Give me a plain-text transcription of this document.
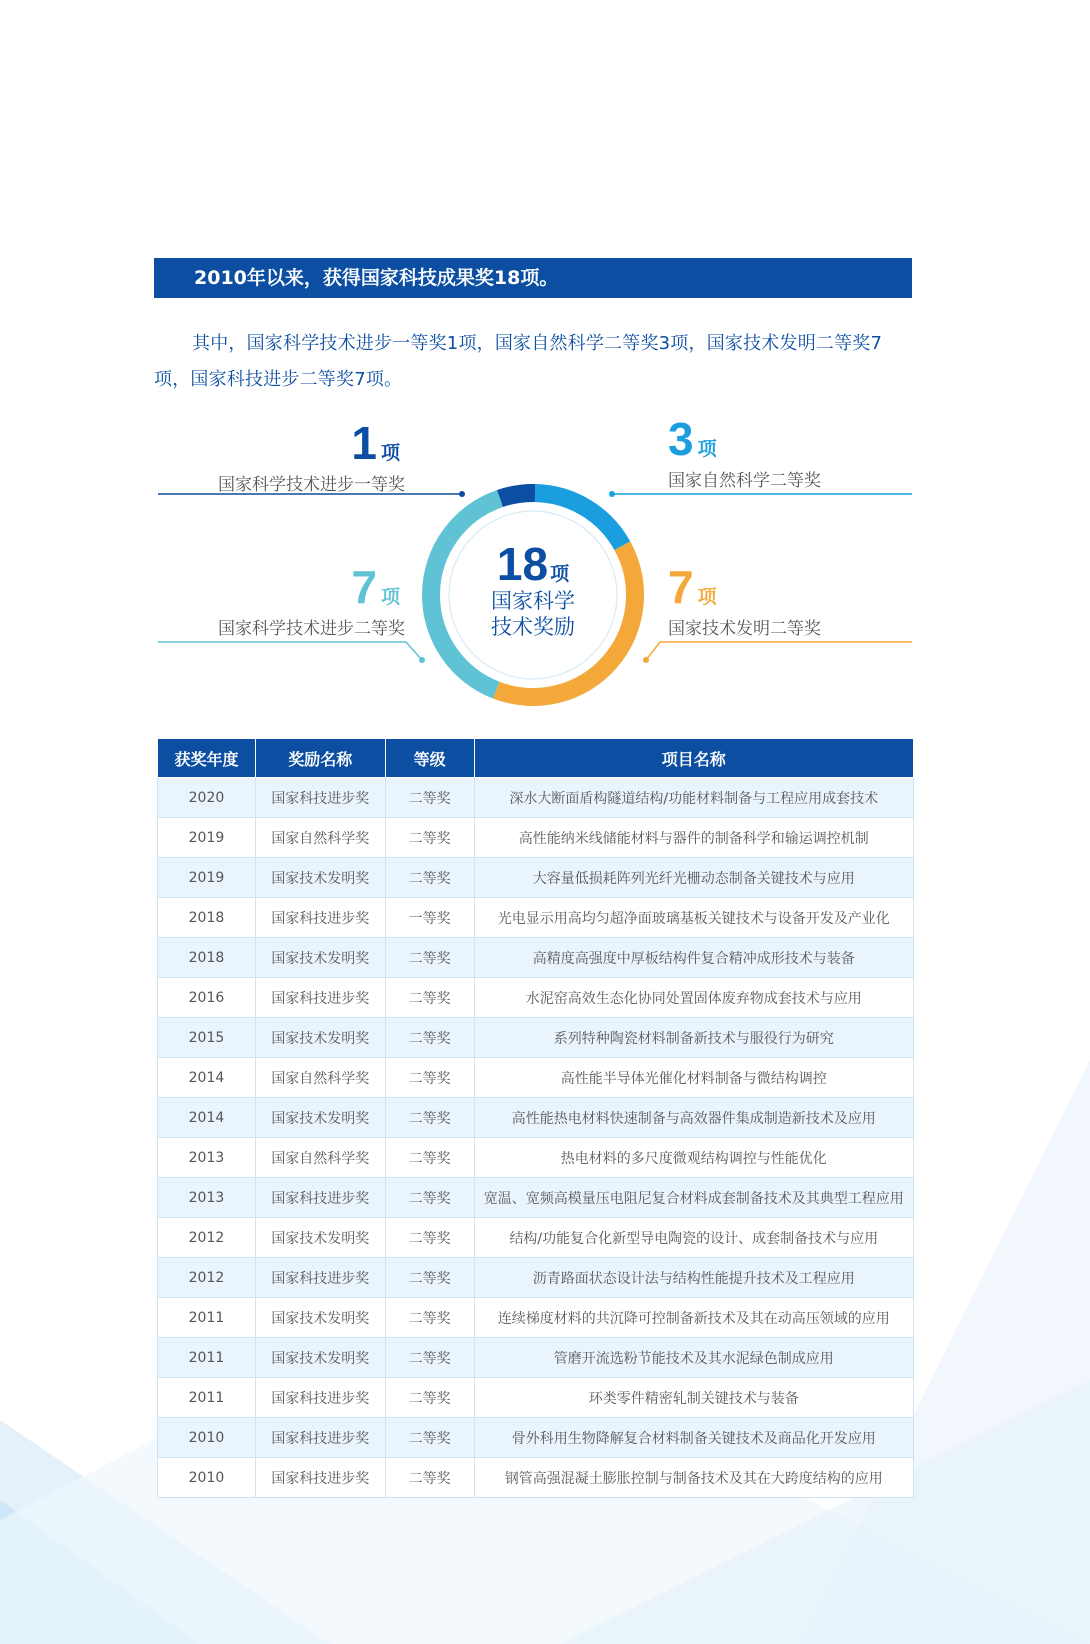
2010年以来，获得国家科技成果奖18项。
其中，国家科学技术进步一等奖1项，国家自然科学二等奖3项，国家技术发明二等奖7项，国家科技进步二等奖7项。
1 项
国家科学技术进步一等奖
3 项
国家自然科学二等奖
7 项
国家科学技术进步二等奖
7 项
国家技术发明二等奖
18 项
国家科学
技术奖励
获奖年度	奖励名称	等级	项目名称
2020	国家科技进步奖	二等奖	深水大断面盾构隧道结构/功能材料制备与工程应用成套技术
2019	国家自然科学奖	二等奖	高性能纳米线储能材料与器件的制备科学和输运调控机制
2019	国家技术发明奖	二等奖	大容量低损耗阵列光纤光栅动态制备关键技术与应用
2018	国家科技进步奖	一等奖	光电显示用高均匀超净面玻璃基板关键技术与设备开发及产业化
2018	国家技术发明奖	二等奖	高精度高强度中厚板结构件复合精冲成形技术与装备
2016	国家科技进步奖	二等奖	水泥窑高效生态化协同处置固体废弃物成套技术与应用
2015	国家技术发明奖	二等奖	系列特种陶瓷材料制备新技术与服役行为研究
2014	国家自然科学奖	二等奖	高性能半导体光催化材料制备与微结构调控
2014	国家技术发明奖	二等奖	高性能热电材料快速制备与高效器件集成制造新技术及应用
2013	国家自然科学奖	二等奖	热电材料的多尺度微观结构调控与性能优化
2013	国家科技进步奖	二等奖	宽温、宽频高模量压电阻尼复合材料成套制备技术及其典型工程应用
2012	国家技术发明奖	二等奖	结构/功能复合化新型导电陶瓷的设计、成套制备技术与应用
2012	国家科技进步奖	二等奖	沥青路面状态设计法与结构性能提升技术及工程应用
2011	国家技术发明奖	二等奖	连续梯度材料的共沉降可控制备新技术及其在动高压领域的应用
2011	国家技术发明奖	二等奖	管磨开流选粉节能技术及其水泥绿色制成应用
2011	国家科技进步奖	二等奖	环类零件精密轧制关键技术与装备
2010	国家科技进步奖	二等奖	骨外科用生物降解复合材料制备关键技术及商品化开发应用
2010	国家科技进步奖	二等奖	钢管高强混凝土膨胀控制与制备技术及其在大跨度结构的应用
